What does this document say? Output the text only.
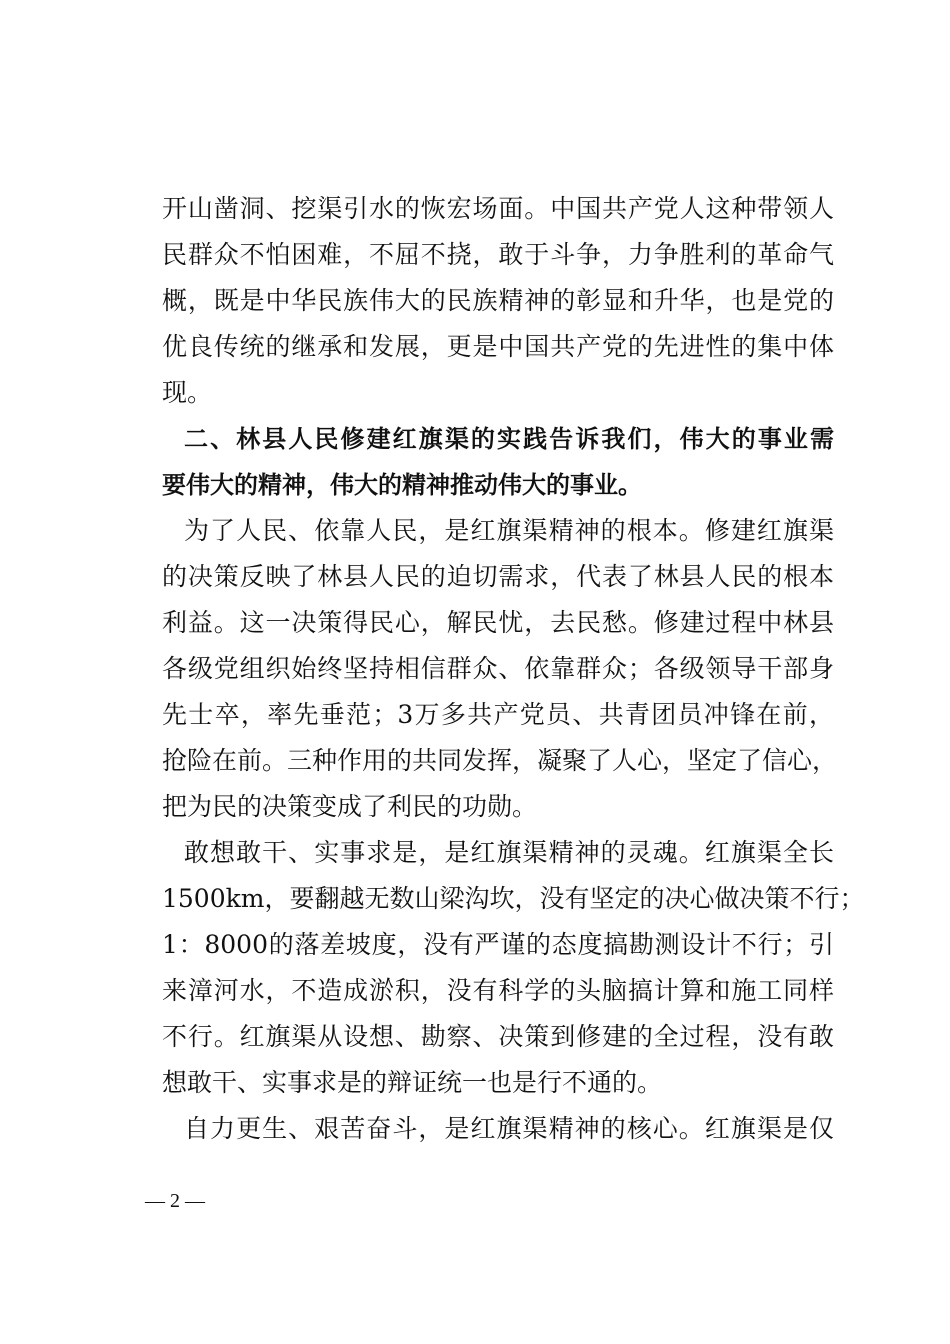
开山凿洞、挖渠引水的恢宏场面。中国共产党人这种带领人
民群众不怕困难，不屈不挠，敢于斗争，力争胜利的革命气
概，既是中华民族伟大的民族精神的彰显和升华，也是党的
优良传统的继承和发展，更是中国共产党的先进性的集中体
现。
二、林县人民修建红旗渠的实践告诉我们，伟大的事业需
要伟大的精神，伟大的精神推动伟大的事业。
为了人民、依靠人民，是红旗渠精神的根本。修建红旗渠
的决策反映了林县人民的迫切需求，代表了林县人民的根本
利益。这一决策得民心，解民忧，去民愁。修建过程中林县
各级党组织始终坚持相信群众、依靠群众；各级领导干部身
先士卒，率先垂范；3万多共产党员、共青团员冲锋在前，
抢险在前。三种作用的共同发挥，凝聚了人心，坚定了信心，
把为民的决策变成了利民的功勋。
敢想敢干、实事求是，是红旗渠精神的灵魂。红旗渠全长
1500km，要翻越无数山梁沟坎，没有坚定的决心做决策不行；
1：8000的落差坡度，没有严谨的态度搞勘测设计不行；引
来漳河水，不造成淤积，没有科学的头脑搞计算和施工同样
不行。红旗渠从设想、勘察、决策到修建的全过程，没有敢
想敢干、实事求是的辩证统一也是行不通的。
自力更生、艰苦奋斗，是红旗渠精神的核心。红旗渠是仅
— 2 —
